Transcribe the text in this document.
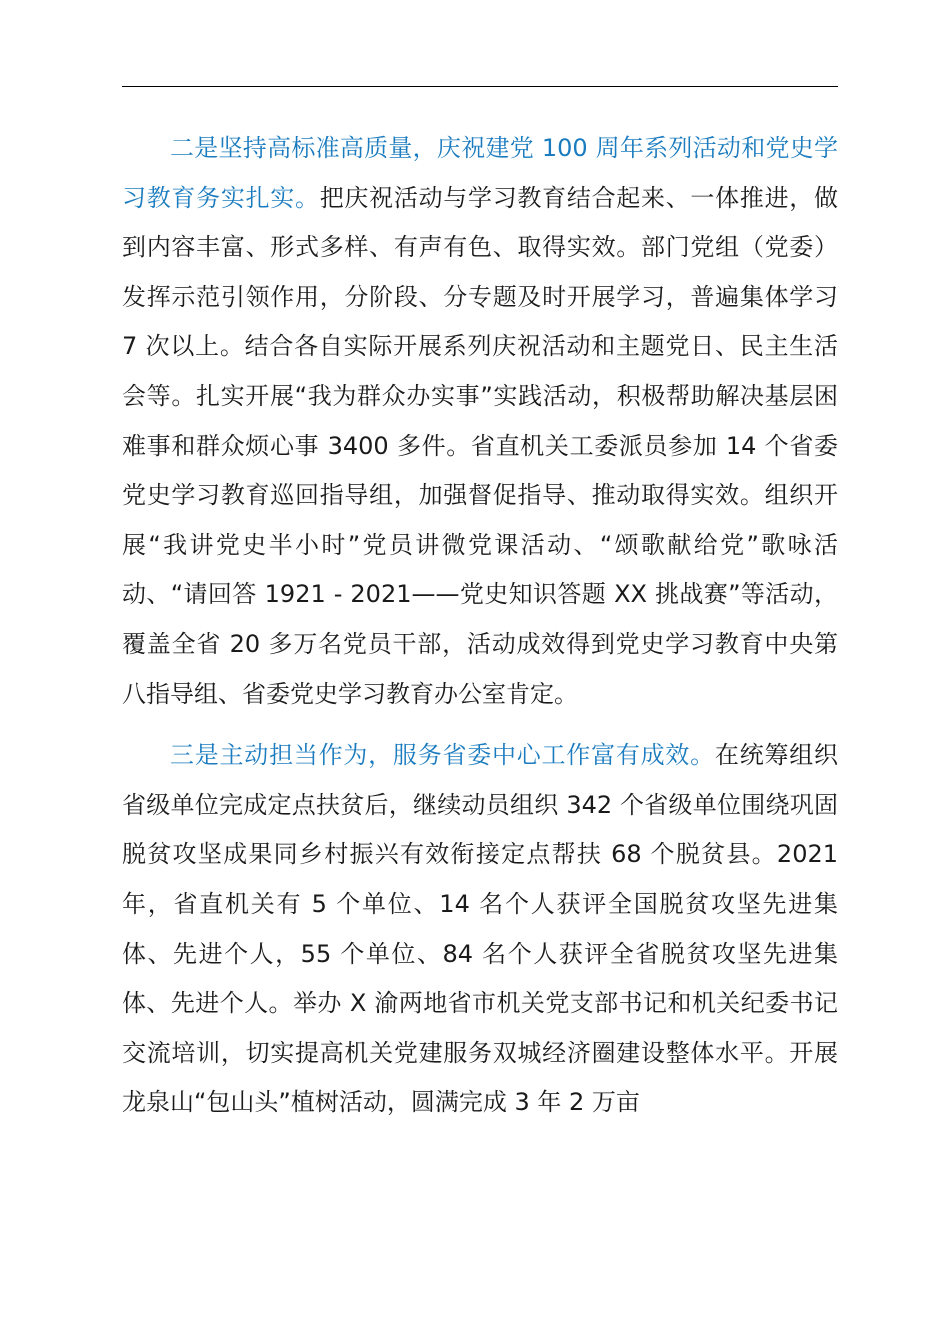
二是坚持高标准高质量，庆祝建党 100 周年系列活动和党史学习教育务实扎实。把庆祝活动与学习教育结合起来、一体推进，做到内容丰富、形式多样、有声有色、取得实效。部门党组（党委）发挥示范引领作用，分阶段、分专题及时开展学习，普遍集体学习 7 次以上。结合各自实际开展系列庆祝活动和主题党日、民主生活会等。扎实开展“我为群众办实事”实践活动，积极帮助解决基层困难事和群众烦心事 3400 多件。省直机关工委派员参加 14 个省委党史学习教育巡回指导组，加强督促指导、推动取得实效。组织开展“我讲党史半小时”党员讲微党课活动、“颂歌献给党”歌咏活动、“请回答 1921 - 2021——党史知识答题 XX 挑战赛”等活动，覆盖全省 20 多万名党员干部，活动成效得到党史学习教育中央第八指导组、省委党史学习教育办公室肯定。

三是主动担当作为，服务省委中心工作富有成效。在统筹组织省级单位完成定点扶贫后，继续动员组织 342 个省级单位围绕巩固脱贫攻坚成果同乡村振兴有效衔接定点帮扶 68 个脱贫县。2021 年，省直机关有 5 个单位、14 名个人获评全国脱贫攻坚先进集体、先进个人，55 个单位、84 名个人获评全省脱贫攻坚先进集体、先进个人。举办 X 渝两地省市机关党支部书记和机关纪委书记交流培训，切实提高机关党建服务双城经济圈建设整体水平。开展龙泉山“包山头”植树活动，圆满完成 3 年 2 万亩
